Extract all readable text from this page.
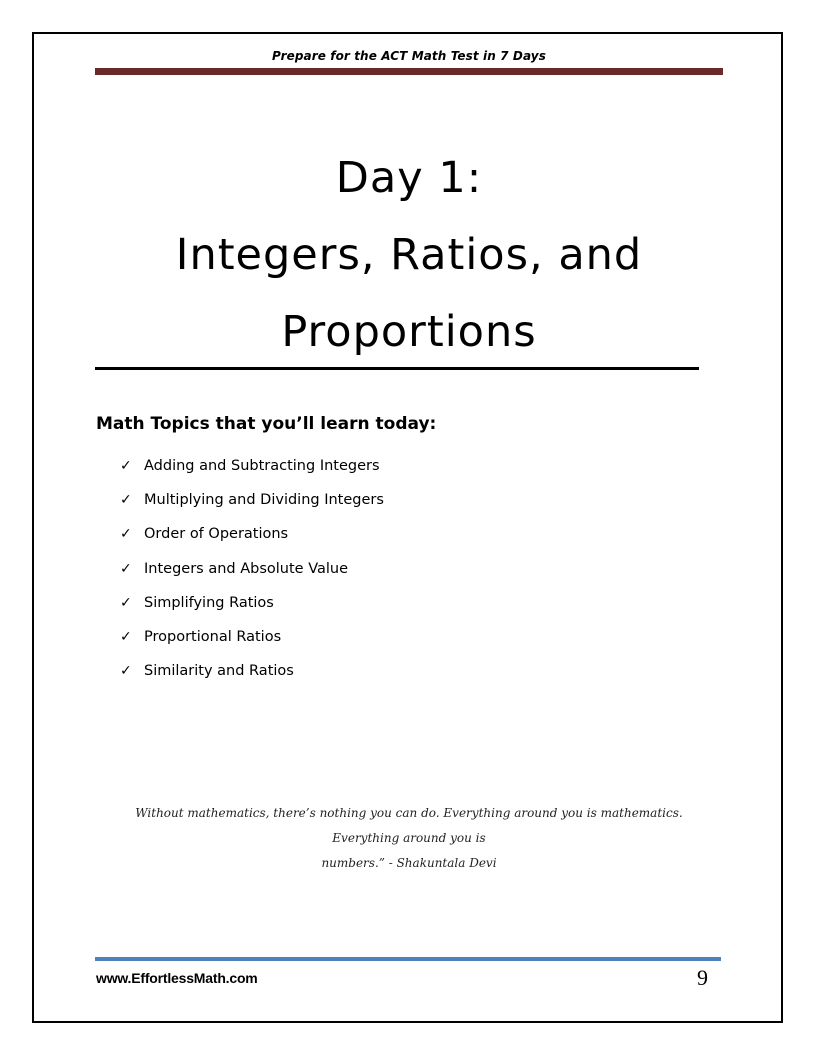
Prepare for the ACT Math Test in 7 Days
Day 1:
Integers, Ratios, and
Proportions
Math Topics that you’ll learn today:
✓ Adding and Subtracting Integers
✓ Multiplying and Dividing Integers
✓ Order of Operations
✓ Integers and Absolute Value
✓ Simplifying Ratios
✓ Proportional Ratios
✓ Similarity and Ratios
Without mathematics, there’s nothing you can do. Everything around you is mathematics. Everything around you is
numbers.” - Shakuntala Devi
www.EffortlessMath.com	9
